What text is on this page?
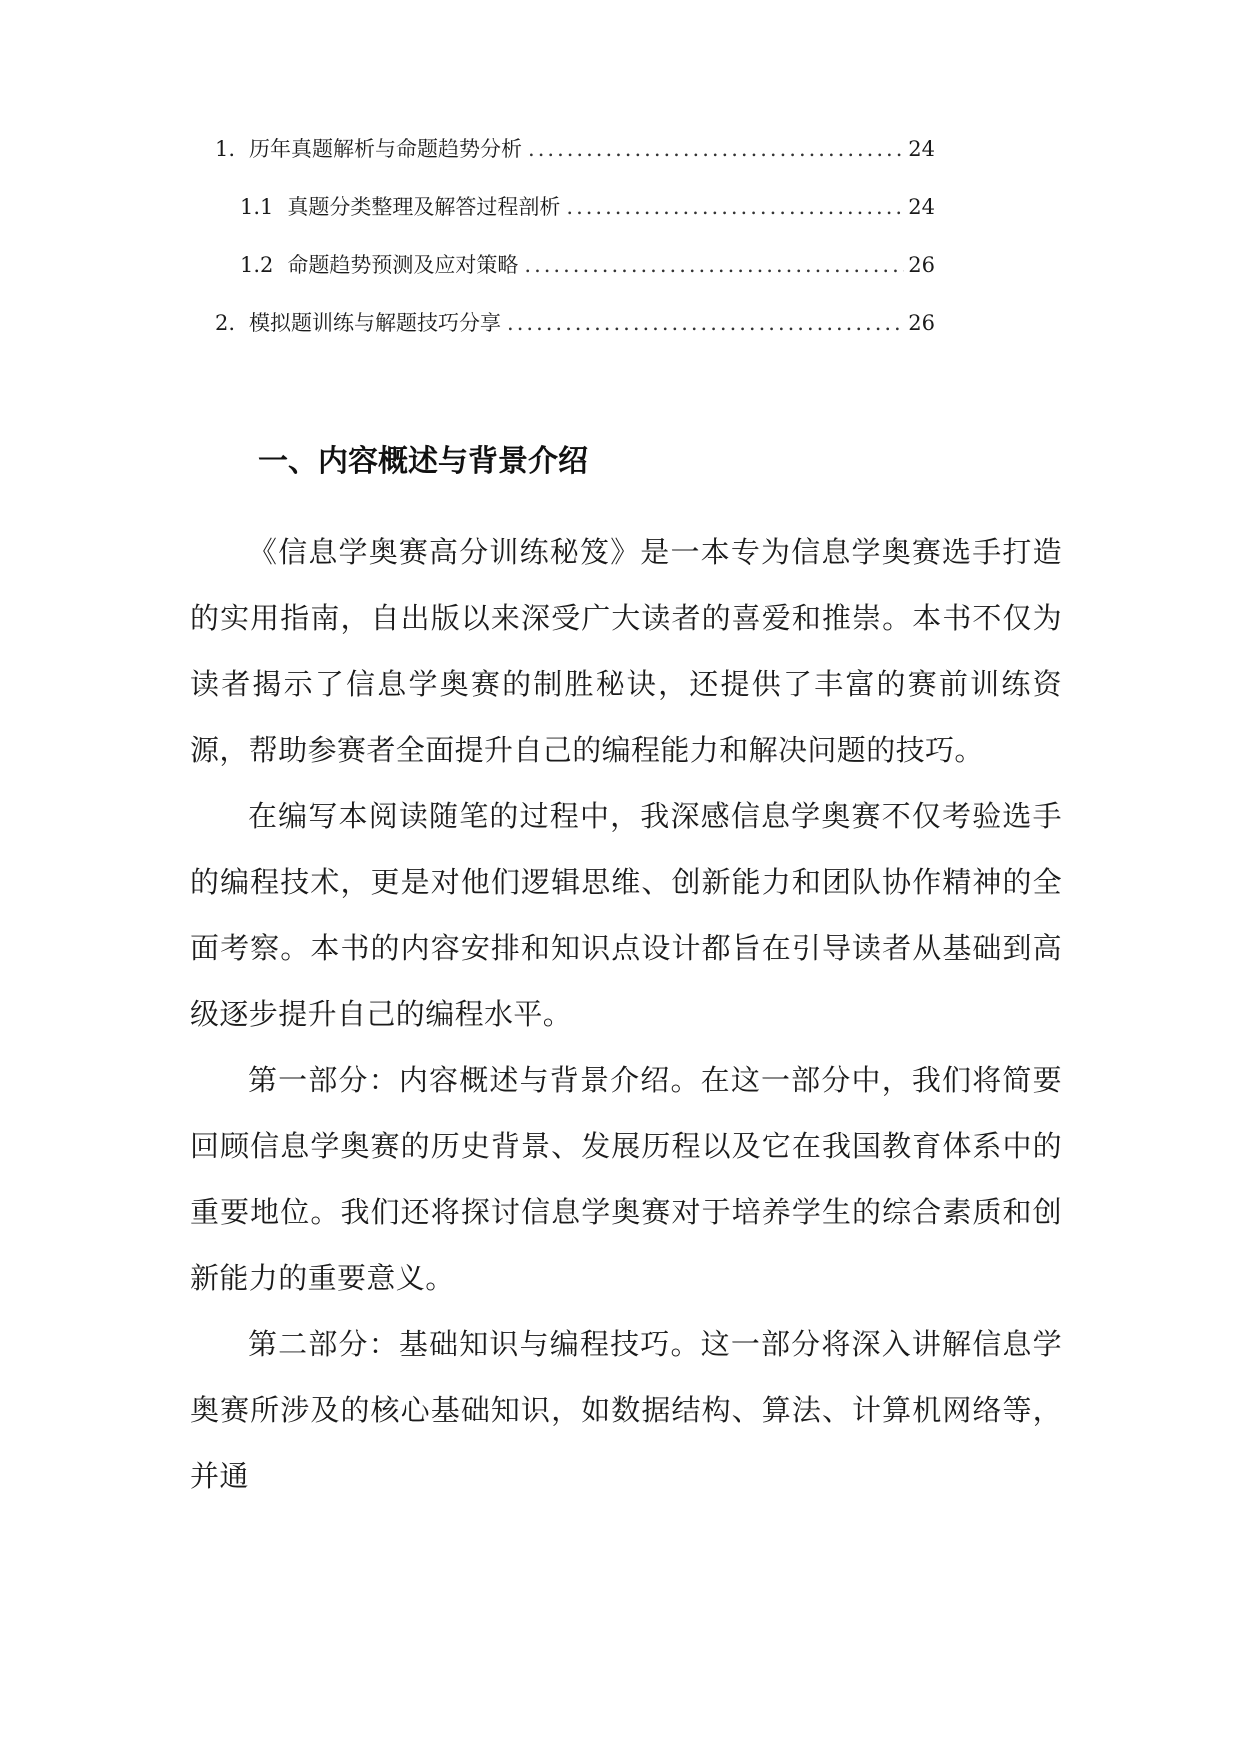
1. 历年真题解析与命题趋势分析 .....	24
1.1 真题分类整理及解答过程剖析 .....	24
1.2 命题趋势预测及应对策略 .....	26
2. 模拟题训练与解题技巧分享 .....	26
一、内容概述与背景介绍

《信息学奥赛高分训练秘笈》是一本专为信息学奥赛选手打造的实用指南，自出版以来深受广大读者的喜爱和推崇。本书不仅为读者揭示了信息学奥赛的制胜秘诀，还提供了丰富的赛前训练资源，帮助参赛者全面提升自己的编程能力和解决问题的技巧。

在编写本阅读随笔的过程中，我深感信息学奥赛不仅考验选手的编程技术，更是对他们逻辑思维、创新能力和团队协作精神的全面考察。本书的内容安排和知识点设计都旨在引导读者从基础到高级逐步提升自己的编程水平。

第一部分：内容概述与背景介绍。在这一部分中，我们将简要回顾信息学奥赛的历史背景、发展历程以及它在我国教育体系中的重要地位。我们还将探讨信息学奥赛对于培养学生的综合素质和创新能力的重要意义。

第二部分：基础知识与编程技巧。这一部分将深入讲解信息学奥赛所涉及的核心基础知识，如数据结构、算法、计算机网络等，并通
